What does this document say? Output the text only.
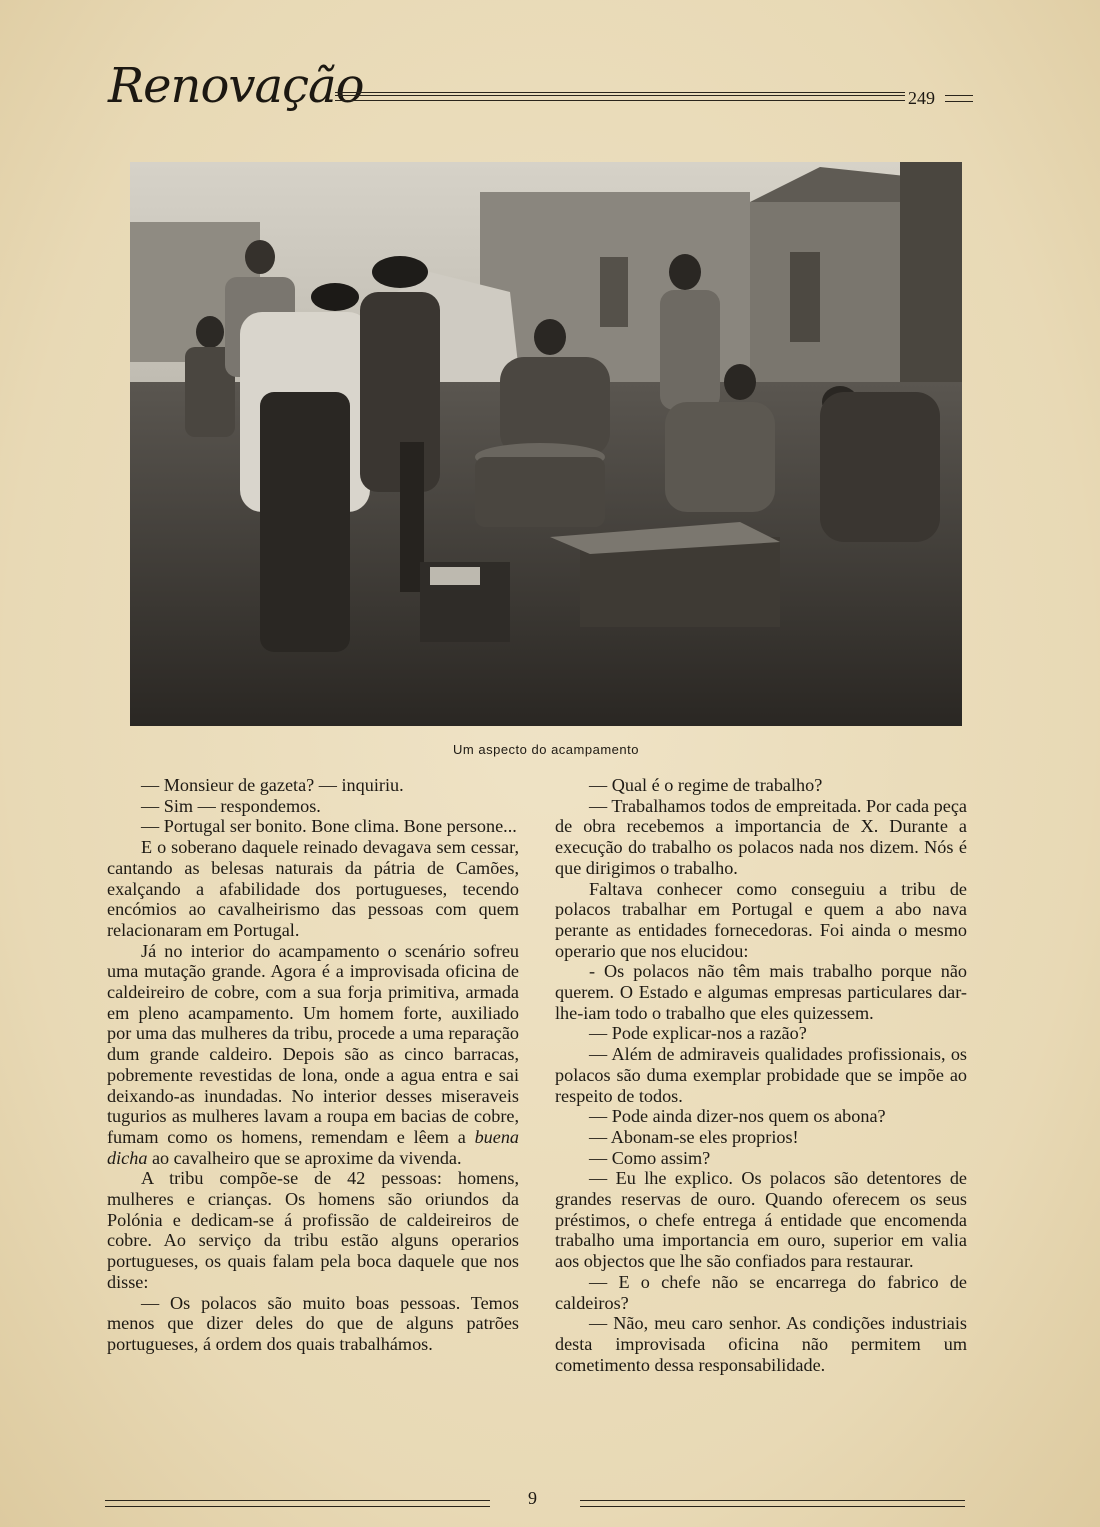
Renovação	249
Um aspecto do acampamento

— Monsieur de gazeta? — inquiriu.

— Sim — respondemos.

— Portugal ser bonito. Bone clima. Bone persone...

E o soberano daquele reinado devagava sem cessar, cantando as belesas naturais da pátria de Camões, exalçando a afabilidade dos portugueses, tecendo encómios ao cavalheirismo das pessoas com quem relacionaram em Portugal.

Já no interior do acampamento o scenário sofreu uma mutação grande. Agora é a improvisada oficina de caldeireiro de cobre, com a sua forja primitiva, armada em pleno acampamento. Um homem forte, auxiliado por uma das mulheres da tribu, procede a uma reparação dum grande caldeiro. Depois são as cinco barracas, pobremente revestidas de lona, onde a agua entra e sai deixando-as inundadas. No interior desses miseraveis tugurios as mulheres lavam a roupa em bacias de cobre, fumam como os homens, remendam e lêem a buena dicha ao cavalheiro que se aproxime da vivenda.

A tribu compõe-se de 42 pessoas: homens, mulheres e crianças. Os homens são oriundos da Polónia e dedicam-se á profissão de caldeireiros de cobre. Ao serviço da tribu estão alguns operarios portugueses, os quais falam pela boca daquele que nos disse:

— Os polacos são muito boas pessoas. Temos menos que dizer deles do que de alguns patrões portugueses, á ordem dos quais trabalhámos.

— Qual é o regime de trabalho?

— Trabalhamos todos de empreitada. Por cada peça de obra recebemos a importancia de X. Durante a execução do trabalho os polacos nada nos dizem. Nós é que dirigimos o trabalho.

Faltava conhecer como conseguiu a tribu de polacos trabalhar em Portugal e quem a abo nava perante as entidades fornecedoras. Foi ainda o mesmo operario que nos elucidou:

- Os polacos não têm mais trabalho porque não querem. O Estado e algumas empresas particulares dar-lhe-iam todo o trabalho que eles quizessem.

— Pode explicar-nos a razão?

— Além de admiraveis qualidades profissionais, os polacos são duma exemplar probidade que se impõe ao respeito de todos.

— Pode ainda dizer-nos quem os abona?

— Abonam-se eles proprios!

— Como assim?

— Eu lhe explico. Os polacos são detentores de grandes reservas de ouro. Quando oferecem os seus préstimos, o chefe entrega á entidade que encomenda trabalho uma importancia em ouro, superior em valia aos objectos que lhe são confiados para restaurar.

— E o chefe não se encarrega do fabrico de caldeiros?

— Não, meu caro senhor. As condições industriais desta improvisada oficina não permitem um cometimento dessa responsabilidade.

9
